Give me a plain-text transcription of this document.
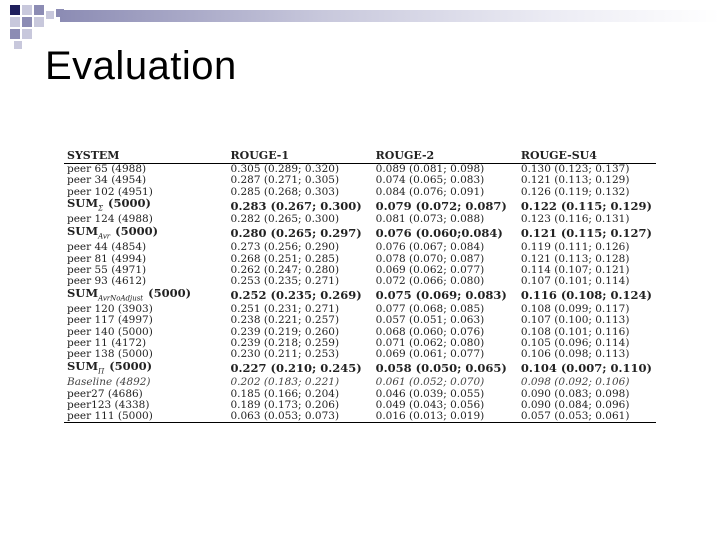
Evaluation
SYSTEM	ROUGE-1	ROUGE-2	ROUGE-SU4
peer 65 (4988)	0.305 (0.289; 0.320)	0.089 (0.081; 0.098)	0.130 (0.123; 0.137)
peer 34 (4954)	0.287 (0.271; 0.305)	0.074 (0.065; 0.083)	0.121 (0.113; 0.129)
peer 102 (4951)	0.285 (0.268; 0.303)	0.084 (0.076; 0.091)	0.126 (0.119; 0.132)
$SUM_\Sigma$ (5000)	0.283 (0.267; 0.300)	0.079 (0.072; 0.087)	0.122 (0.115; 0.129)
peer 124 (4988)	0.282 (0.265; 0.300)	0.081 (0.073; 0.088)	0.123 (0.116; 0.131)
$SUM_{Avr}$ (5000)	0.280 (0.265; 0.297)	0.076 (0.060;0.084)	0.121 (0.115; 0.127)
peer 44 (4854)	0.273 (0.256; 0.290)	0.076 (0.067; 0.084)	0.119 (0.111; 0.126)
peer 81 (4994)	0.268 (0.251; 0.285)	0.078 (0.070; 0.087)	0.121 (0.113; 0.128)
peer 55 (4971)	0.262 (0.247; 0.280)	0.069 (0.062; 0.077)	0.114 (0.107; 0.121)
peer 93 (4612)	0.253 (0.235; 0.271)	0.072 (0.066; 0.080)	0.107 (0.101; 0.114)
$SUM_{AvrNoAdjust}$ (5000)	0.252 (0.235; 0.269)	0.075 (0.069; 0.083)	0.116 (0.108; 0.124)
peer 120 (3903)	0.251 (0.231; 0.271)	0.077 (0.068; 0.085)	0.108 (0.099; 0.117)
peer 117 (4997)	0.238 (0.221; 0.257)	0.057 (0.051; 0.063)	0.107 (0.100; 0.113)
peer 140 (5000)	0.239 (0.219; 0.260)	0.068 (0.060; 0.076)	0.108 (0.101; 0.116)
peer 11 (4172)	0.239 (0.218; 0.259)	0.071 (0.062; 0.080)	0.105 (0.096; 0.114)
peer 138 (5000)	0.230 (0.211; 0.253)	0.069 (0.061; 0.077)	0.106 (0.098; 0.113)
$SUM_\Pi$ (5000)	0.227 (0.210; 0.245)	0.058 (0.050; 0.065)	0.104 (0.007; 0.110)
Baseline (4892)	0.202 (0.183; 0.221)	0.061 (0.052; 0.070)	0.098 (0.092; 0.106)
peer27 (4686)	0.185 (0.166; 0.204)	0.046 (0.039; 0.055)	0.090 (0.083; 0.098)
peer123 (4338)	0.189 (0.173; 0.206)	0.049 (0.043; 0.056)	0.090 (0.084; 0.096)
peer 111 (5000)	0.063 (0.053; 0.073)	0.016 (0.013; 0.019)	0.057 (0.053; 0.061)
